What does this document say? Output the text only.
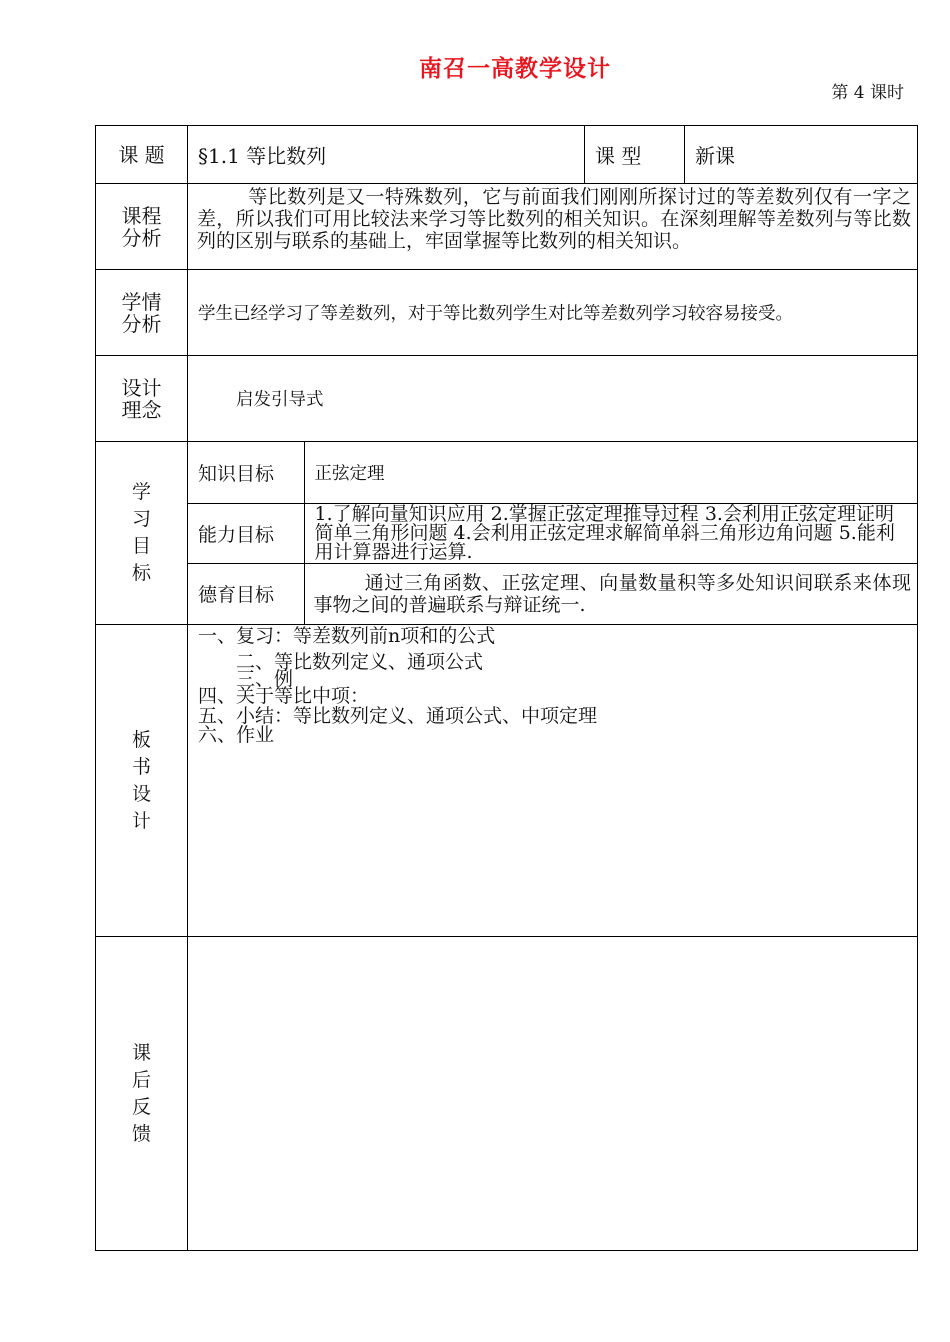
南召一高教学设计
第 4 课时
课 题	§1.1 等比数列	课 型	新课

课程
分析
	等比数列是又一特殊数列，它与前面我们刚刚所探讨过的等差数列仅有一字之差，所以我们可用比较法来学习等比数列的相关知识。在深刻理解等差数列与等比数列的区别与联系的基础上，牢固掌握等比数列的相关知识。

学情
分析	学生已经学习了等差数列，对于等比数列学生对比等差数列学习较容易接受。

设计
理念	启发引导式

学
习
目
标

知识目标	正弦定理
能力目标	1.了解向量知识应用 2.掌握正弦定理推导过程 3.会利用正弦定理证明简单三角形问题 4.会利用正弦定理求解简单斜三角形边角问题 5.能利用计算器进行运算.
德育目标	通过三角函数、正弦定理、向量数量积等多处知识间联系来体现事物之间的普遍联系与辩证统一.

板
书
设
计

一、复习：等差数列前n项和的公式
二、等比数列定义、通项公式
三、例
四、关于等比中项：
五、小结：等比数列定义、通项公式、中项定理
六、作业

课
后
反
馈
